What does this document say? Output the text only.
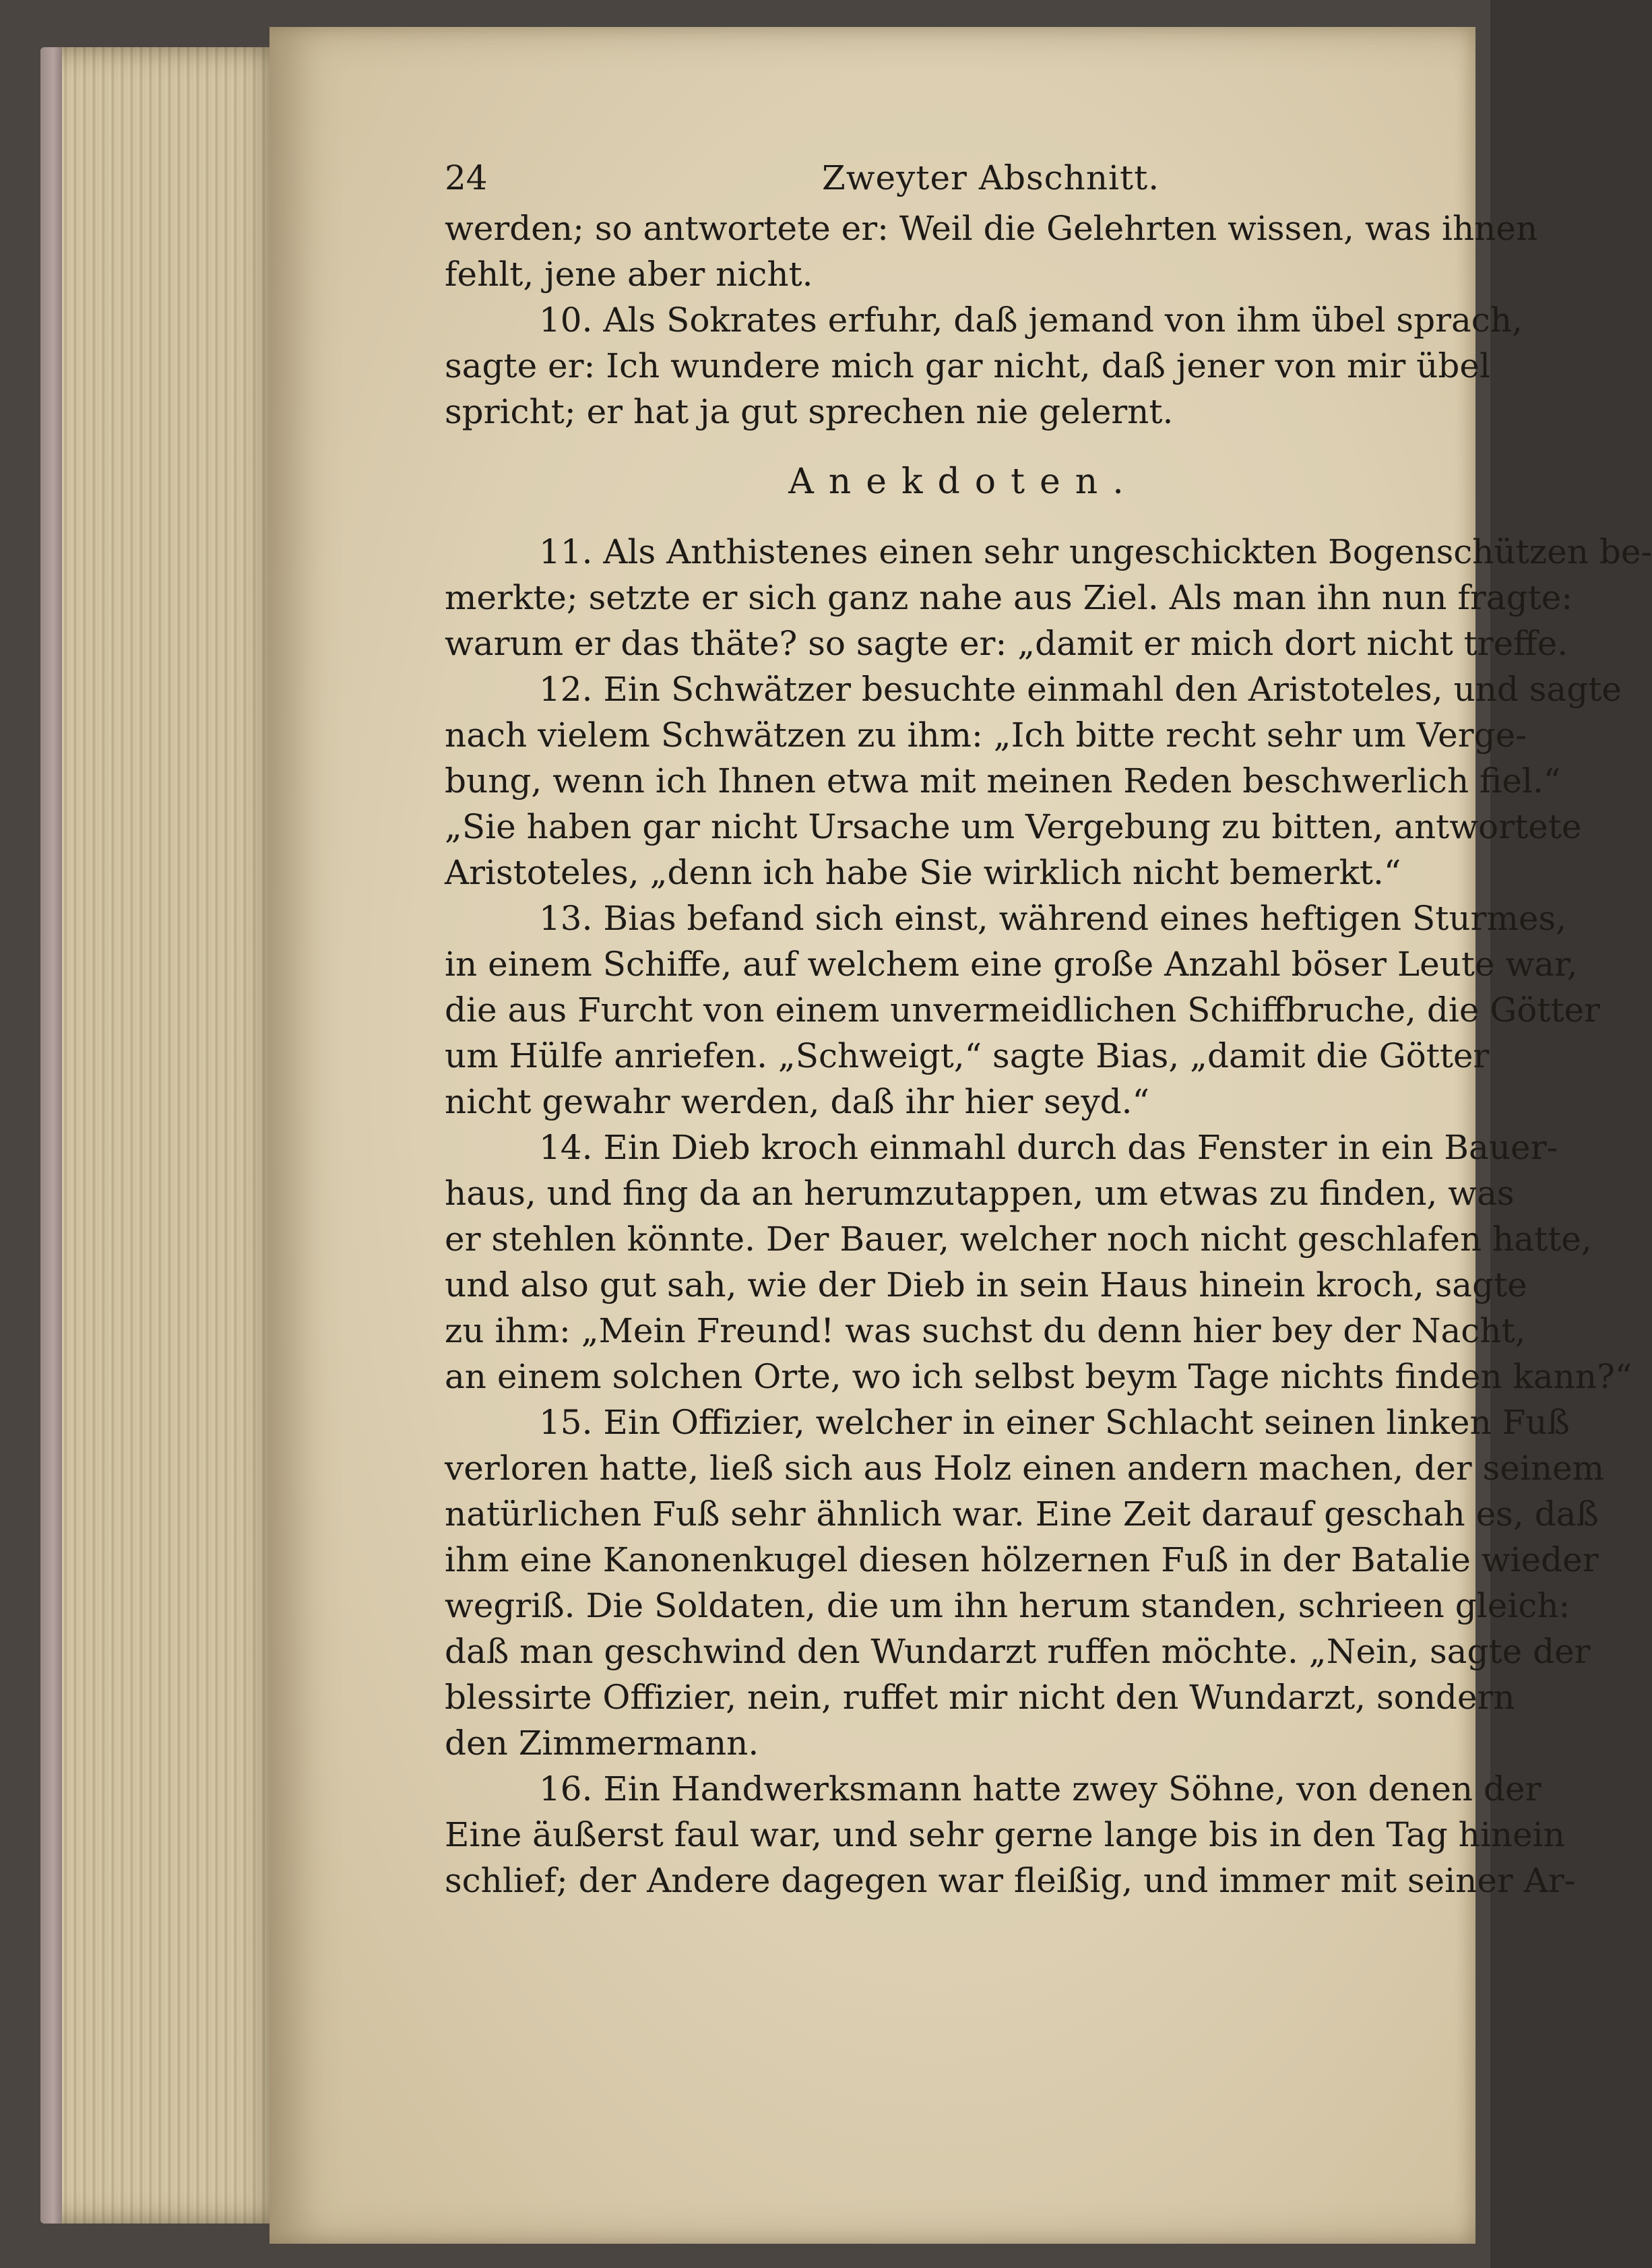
24	Zweyter Abschnitt.
werden; so antwortete er: Weil die Gelehrten wissen, was ihnen
fehlt, jene aber nicht.
10. Als Sokrates erfuhr, daß jemand von ihm übel sprach,
sagte er: Ich wundere mich gar nicht, daß jener von mir übel
spricht; er hat ja gut sprechen nie gelernt.
Anekdoten.
11. Als Anthistenes einen sehr ungeschickten Bogenschützen be-
merkte; setzte er sich ganz nahe aus Ziel. Als man ihn nun fragte:
warum er das thäte? so sagte er: „damit er mich dort nicht treffe.
12. Ein Schwätzer besuchte einmahl den Aristoteles, und sagte
nach vielem Schwätzen zu ihm: „Ich bitte recht sehr um Verge-
bung, wenn ich Ihnen etwa mit meinen Reden beschwerlich fiel.“
„Sie haben gar nicht Ursache um Vergebung zu bitten, antwortete
Aristoteles, „denn ich habe Sie wirklich nicht bemerkt.“
13. Bias befand sich einst, während eines heftigen Sturmes,
in einem Schiffe, auf welchem eine große Anzahl böser Leute war,
die aus Furcht von einem unvermeidlichen Schiffbruche, die Götter
um Hülfe anriefen. „Schweigt,“ sagte Bias, „damit die Götter
nicht gewahr werden, daß ihr hier seyd.“
14. Ein Dieb kroch einmahl durch das Fenster in ein Bauer-
haus, und fing da an herumzutappen, um etwas zu finden, was
er stehlen könnte. Der Bauer, welcher noch nicht geschlafen hatte,
und also gut sah, wie der Dieb in sein Haus hinein kroch, sagte
zu ihm: „Mein Freund! was suchst du denn hier bey der Nacht,
an einem solchen Orte, wo ich selbst beym Tage nichts finden kann?“
15. Ein Offizier, welcher in einer Schlacht seinen linken Fuß
verloren hatte, ließ sich aus Holz einen andern machen, der seinem
natürlichen Fuß sehr ähnlich war. Eine Zeit darauf geschah es, daß
ihm eine Kanonenkugel diesen hölzernen Fuß in der Batalie wieder
wegriß. Die Soldaten, die um ihn herum standen, schrieen gleich:
daß man geschwind den Wundarzt ruffen möchte. „Nein, sagte der
blessirte Offizier, nein, ruffet mir nicht den Wundarzt, sondern
den Zimmermann.
16. Ein Handwerksmann hatte zwey Söhne, von denen der
Eine äußerst faul war, und sehr gerne lange bis in den Tag hinein
schlief; der Andere dagegen war fleißig, und immer mit seiner Ar-
